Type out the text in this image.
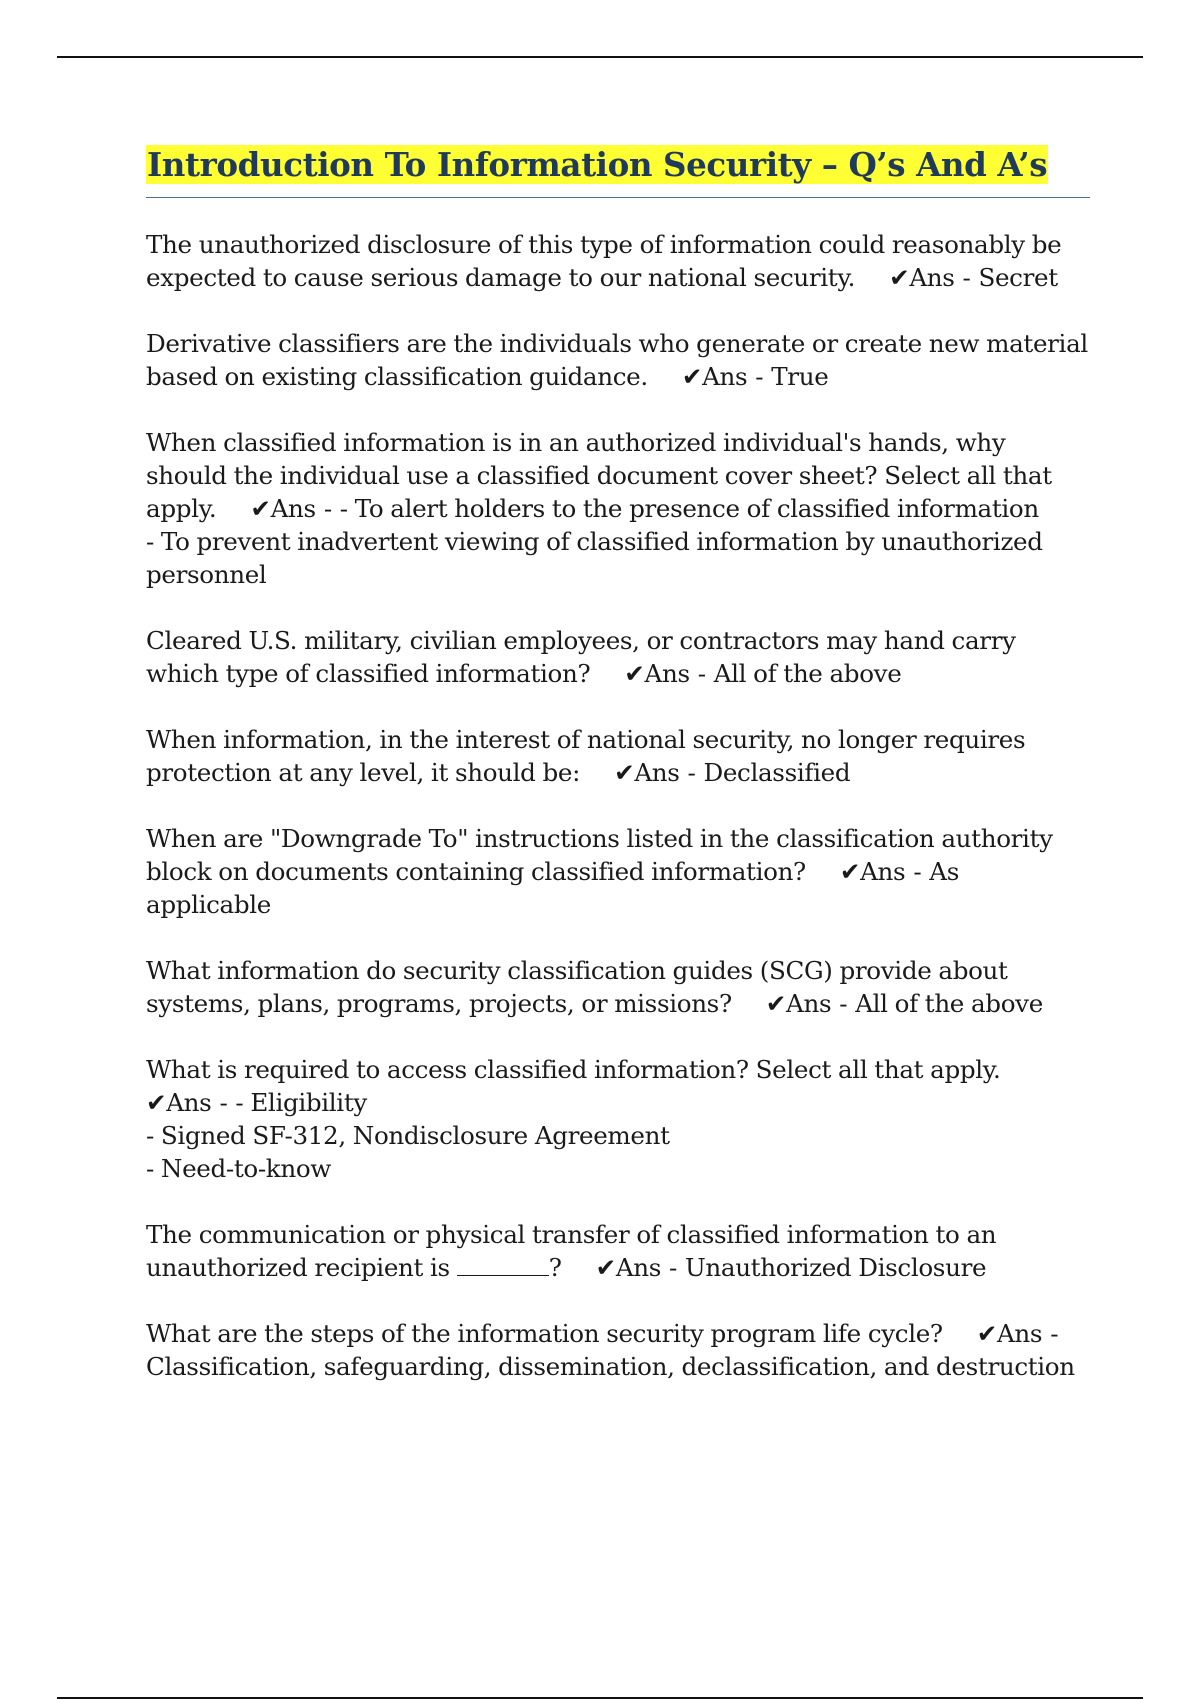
Introduction To Information Security – Q’s And A’s

The unauthorized disclosure of this type of information could reasonably be expected to cause serious damage to our national security. ✔Ans - Secret

Derivative classifiers are the individuals who generate or create new material based on existing classification guidance. ✔Ans - True

When classified information is in an authorized individual's hands, why should the individual use a classified document cover sheet? Select all that apply. ✔Ans - - To alert holders to the presence of classified information
- To prevent inadvertent viewing of classified information by unauthorized personnel

Cleared U.S. military, civilian employees, or contractors may hand carry which type of classified information? ✔Ans - All of the above

When information, in the interest of national security, no longer requires protection at any level, it should be: ✔Ans - Declassified

When are "Downgrade To" instructions listed in the classification authority block on documents containing classified information? ✔Ans - As applicable

What information do security classification guides (SCG) provide about systems, plans, programs, projects, or missions? ✔Ans - All of the above

What is required to access classified information? Select all that apply.
✔Ans - - Eligibility
- Signed SF-312, Nondisclosure Agreement
- Need-to-know

The communication or physical transfer of classified information to an unauthorized recipient is	? ✔Ans - Unauthorized Disclosure

What are the steps of the information security program life cycle? ✔Ans -Classification, safeguarding, dissemination, declassification, and destruction
